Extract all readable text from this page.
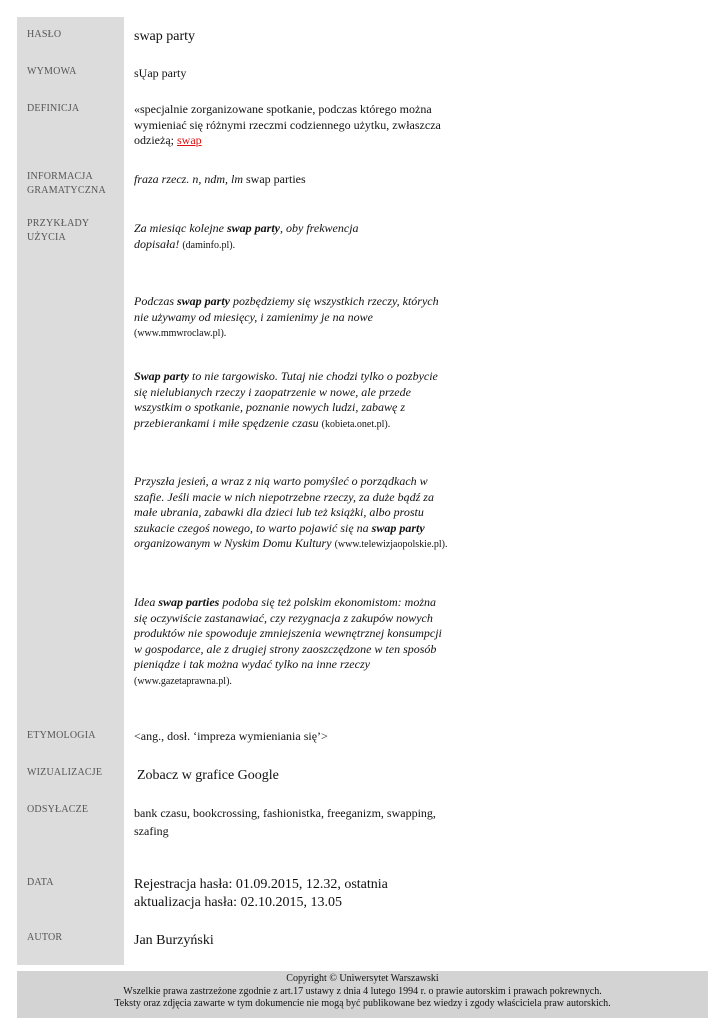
HASŁO
WYMOWA
DEFINICJA
INFORMACJA GRAMATYCZNA
PRZYKŁADY UŻYCIA
ETYMOLOGIA
WIZUALIZACJE
ODSYŁACZE
DATA
AUTOR
swap party
sŲap party
«specjalnie zorganizowane spotkanie, podczas którego można wymieniać się różnymi rzeczmi codziennego użytku, zwłaszcza odzieżą; swap
fraza rzecz. n, ndm, lm swap parties
Za miesiąc kolejne swap party, oby frekwencja dopisała! (daminfo.pl).
Podczas swap party pozbędziemy się wszystkich rzeczy, których nie używamy od miesięcy, i zamienimy je na nowe (www.mmwroclaw.pl).
Swap party to nie targowisko. Tutaj nie chodzi tylko o pozbycie się nielubianych rzeczy i zaopatrzenie w nowe, ale przede wszystkim o spotkanie, poznanie nowych ludzi, zabawę z przebierankami i miłe spędzenie czasu (kobieta.onet.pl).
Przyszła jesień, a wraz z nią warto pomyśleć o porządkach w szafie. Jeśli macie w nich niepotrzebne rzeczy, za duże bądź za małe ubrania, zabawki dla dzieci lub też książki, albo prostu szukacie czegoś nowego, to warto pojawić się na swap party organizowanym w Nyskim Domu Kultury (www.telewizjaopolskie.pl).
Idea swap parties podoba się też polskim ekonomistom: można się oczywiście zastanawiać, czy rezygnacja z zakupów nowych produktów nie spowoduje zmniejszenia wewnętrznej konsumpcji w gospodarce, ale z drugiej strony zaoszczędzone w ten sposób pieniądze i tak można wydać tylko na inne rzeczy (www.gazetaprawna.pl).
<ang., dosł. ‘impreza wymieniania się’>
Zobacz w grafice Google
bank czasu, bookcrossing, fashionistka, freeganizm, swapping, szafing
Rejestracja hasła: 01.09.2015, 12.32, ostatnia aktualizacja hasła: 02.10.2015, 13.05
Jan Burzyński
Copyright © Uniwersytet Warszawski
Wszelkie prawa zastrzeżone zgodnie z art.17 ustawy z dnia 4 lutego 1994 r. o prawie autorskim i prawach pokrewnych.
Teksty oraz zdjęcia zawarte w tym dokumencie nie mogą być publikowane bez wiedzy i zgody właściciela praw autorskich.
